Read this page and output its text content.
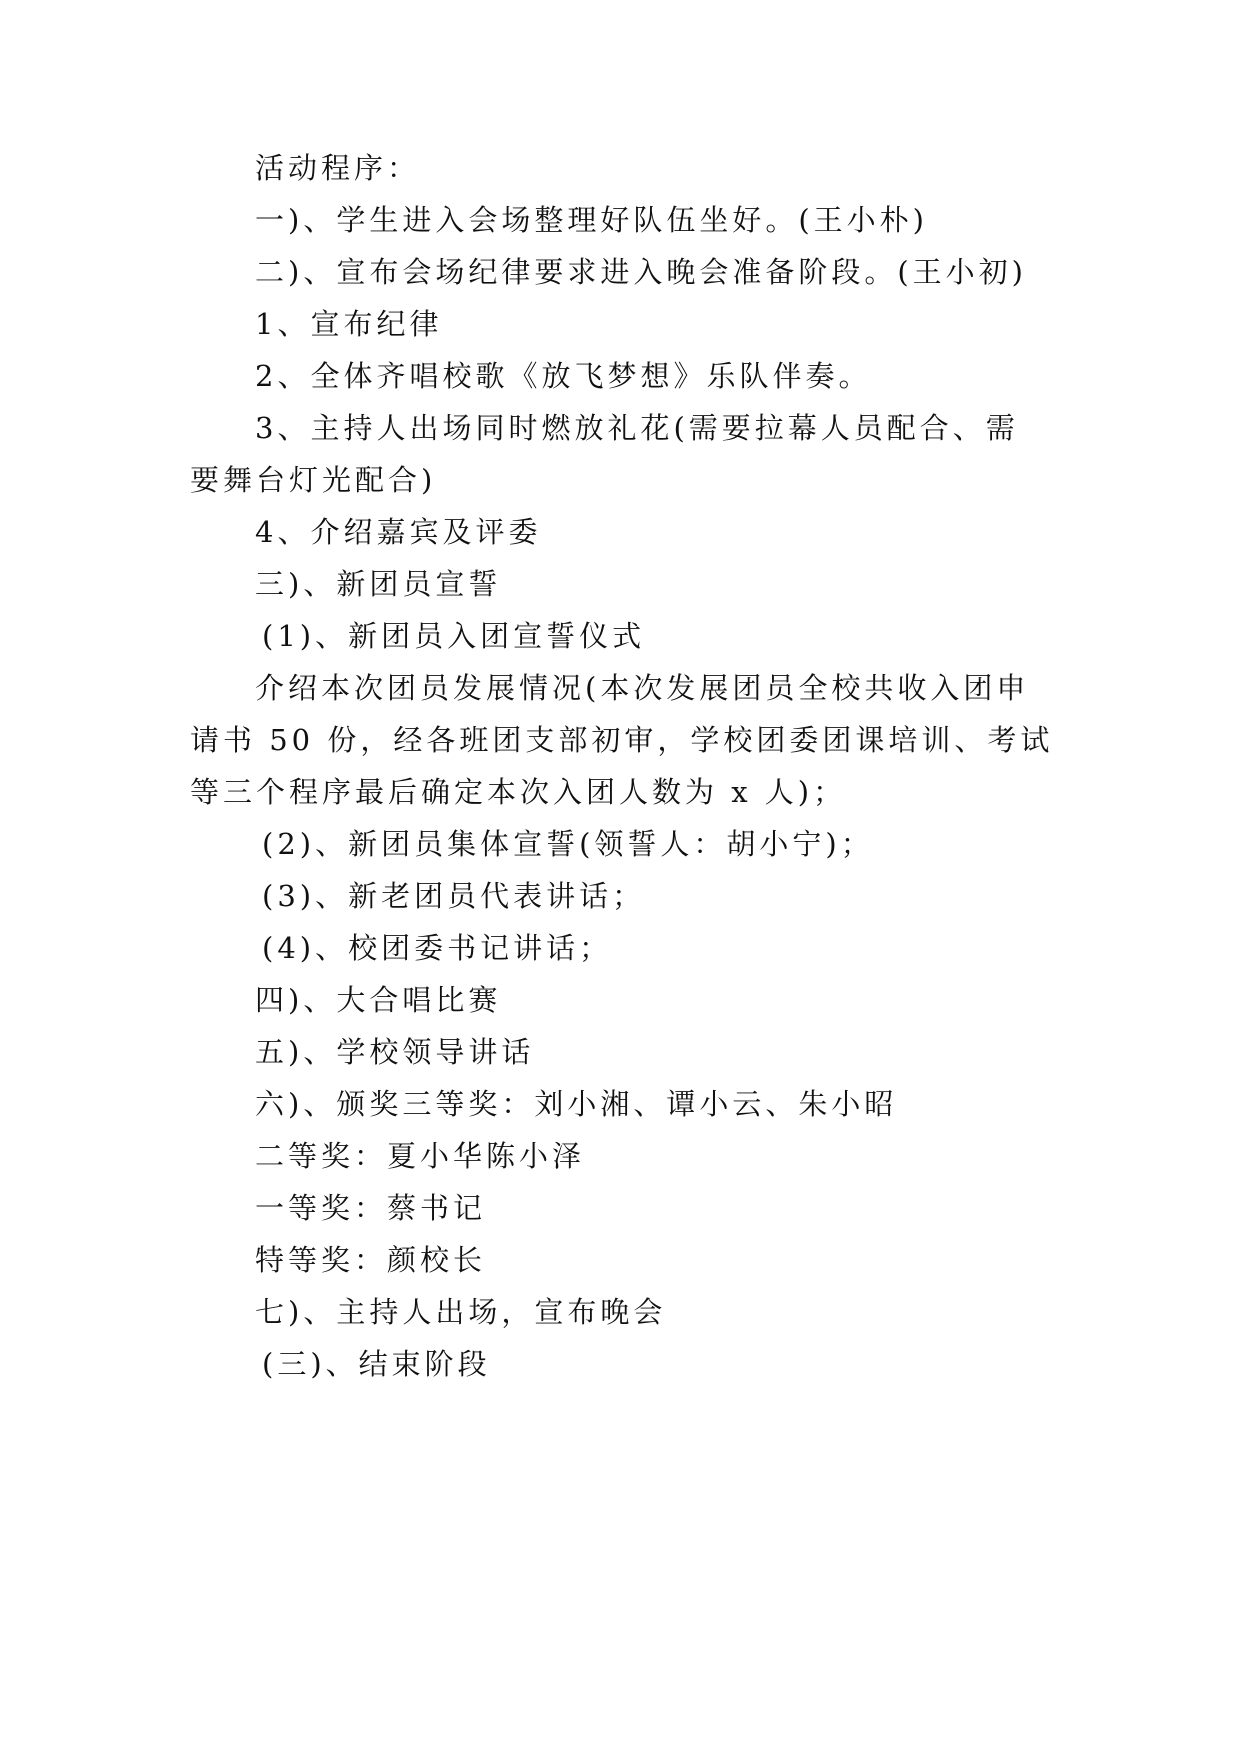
活动程序：

一)、学生进入会场整理好队伍坐好。(王小朴)

二)、宣布会场纪律要求进入晚会准备阶段。(王小初)

1、宣布纪律

2、全体齐唱校歌《放飞梦想》乐队伴奏。

3、主持人出场同时燃放礼花(需要拉幕人员配合、需

要舞台灯光配合)

4、介绍嘉宾及评委

三)、新团员宣誓

(1)、新团员入团宣誓仪式

介绍本次团员发展情况(本次发展团员全校共收入团申

请书 50 份，经各班团支部初审，学校团委团课培训、考试

等三个程序最后确定本次入团人数为 x 人)；

(2)、新团员集体宣誓(领誓人：胡小宁)；

(3)、新老团员代表讲话；

(4)、校团委书记讲话；

四)、大合唱比赛

五)、学校领导讲话

六)、颁奖三等奖：刘小湘、谭小云、朱小昭

二等奖：夏小华陈小泽

一等奖：蔡书记

特等奖：颜校长

七)、主持人出场，宣布晚会

(三)、结束阶段
